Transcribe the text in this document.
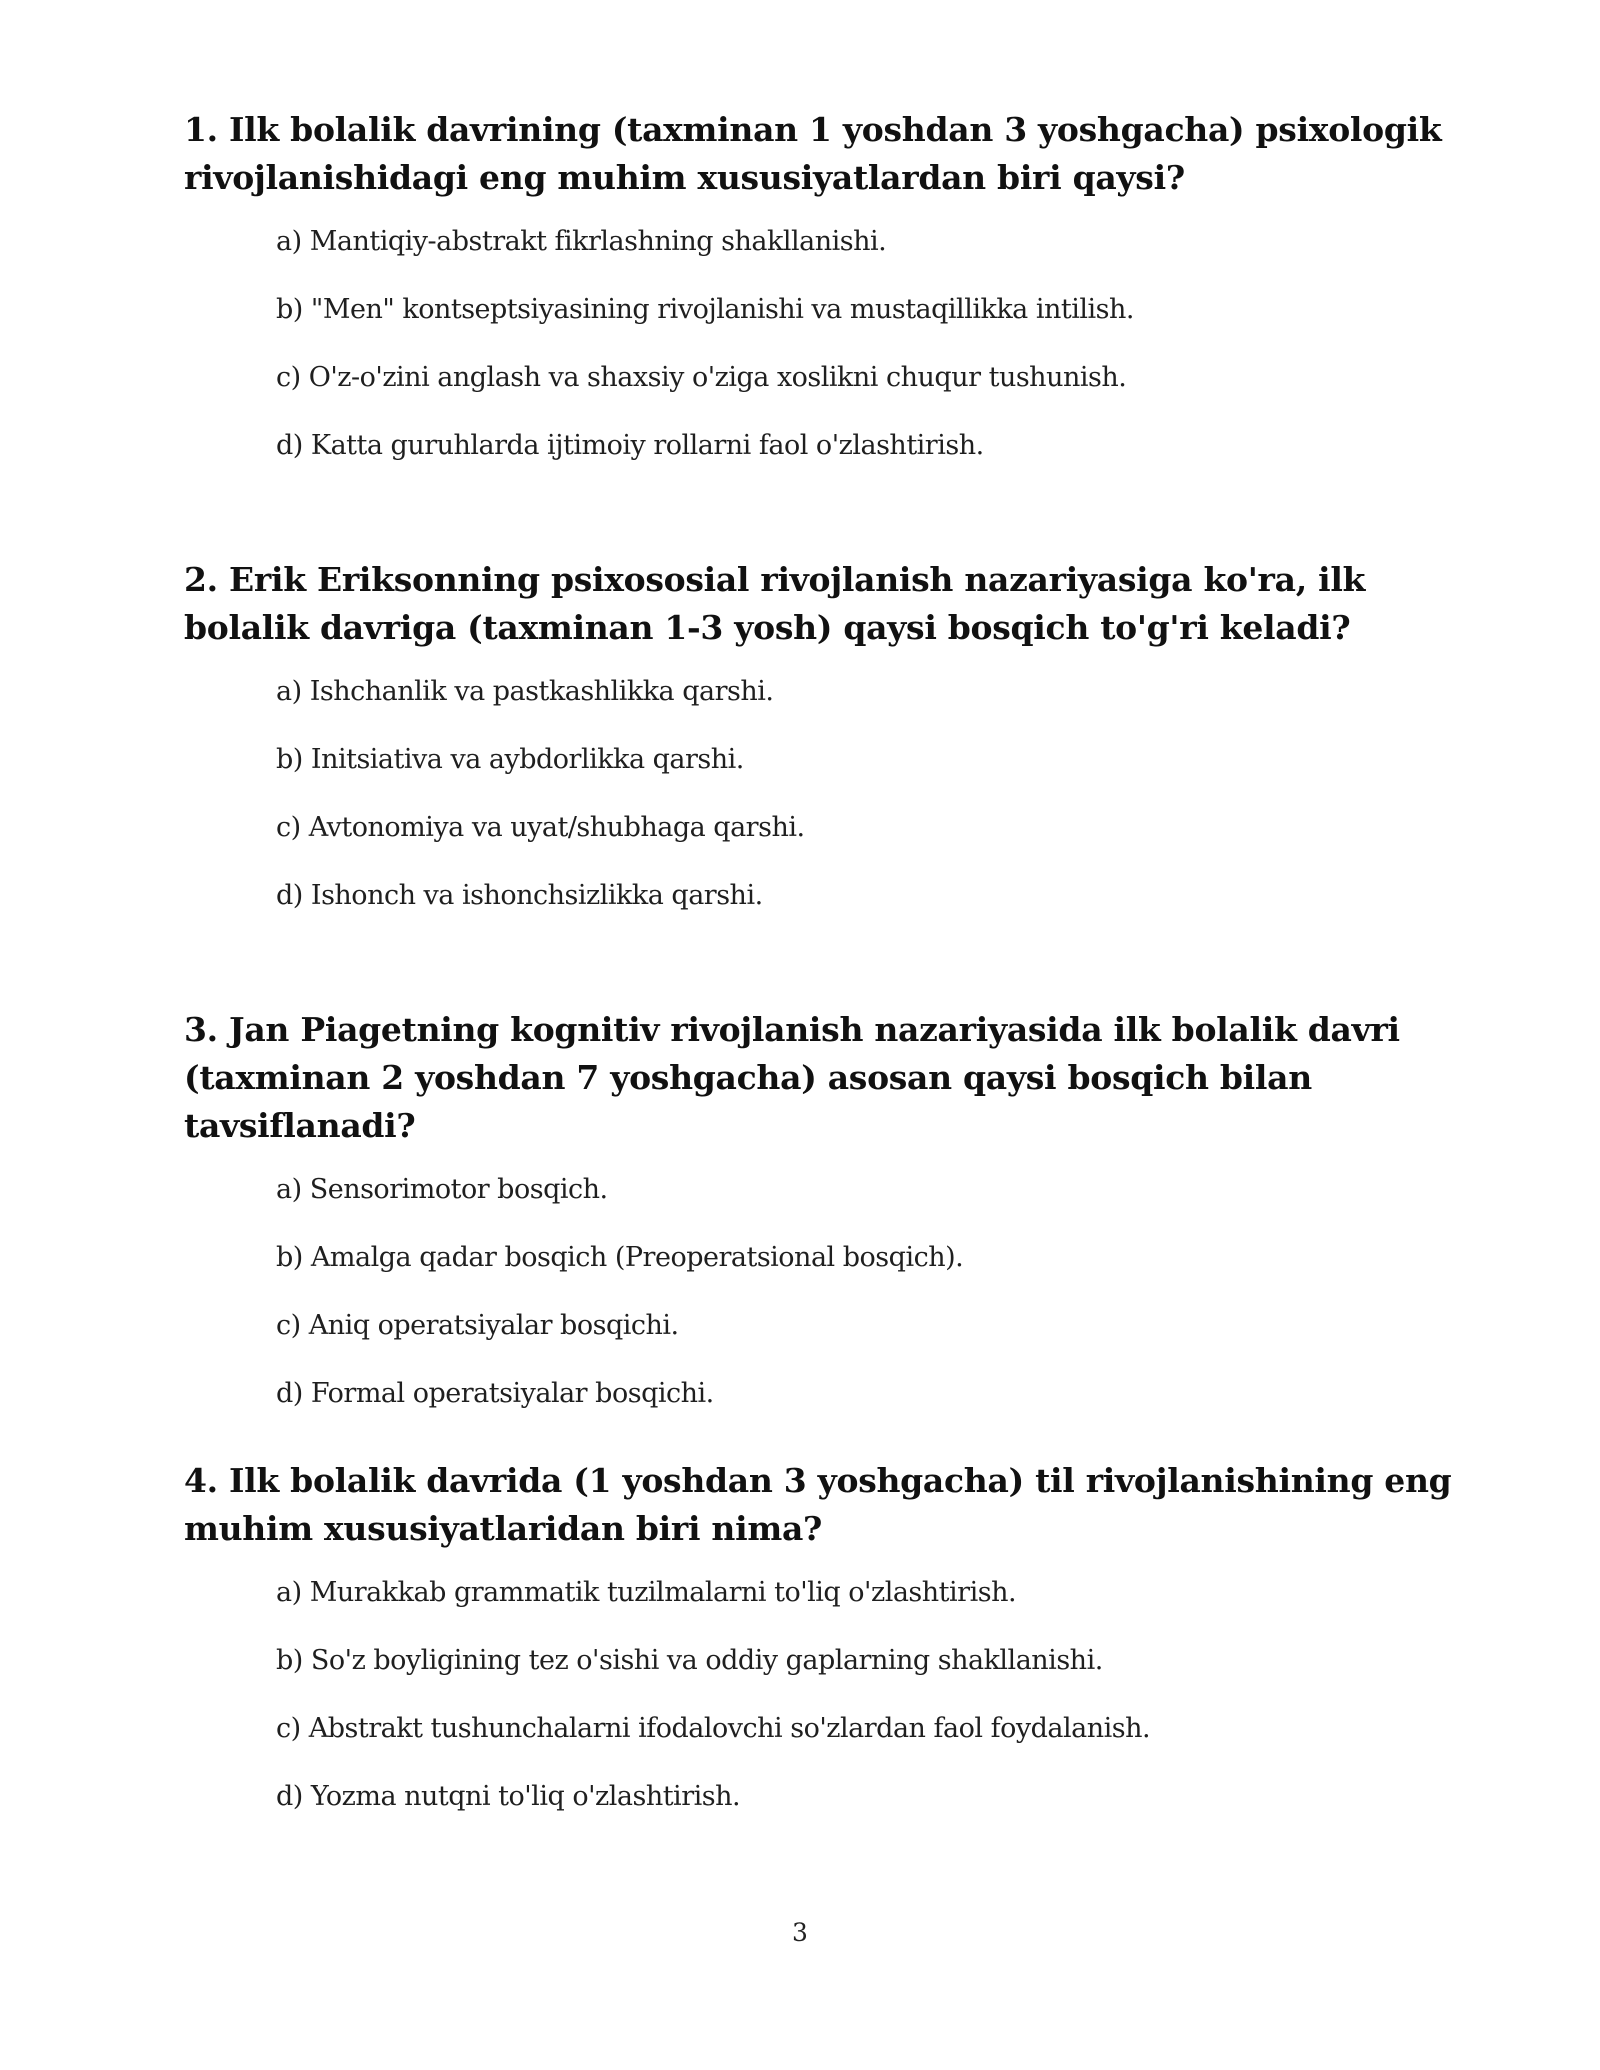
1. Ilk bolalik davrining (taxminan 1 yoshdan 3 yoshgacha) psixologik rivojlanishidagi eng muhim xususiyatlardan biri qaysi?
a) Mantiqiy-abstrakt fikrlashning shakllanishi.
b) "Men" kontseptsiyasining rivojlanishi va mustaqillikka intilish.
c) O'z-o'zini anglash va shaxsiy o'ziga xoslikni chuqur tushunish.
d) Katta guruhlarda ijtimoiy rollarni faol o'zlashtirish.
2. Erik Eriksonning psixososial rivojlanish nazariyasiga ko'ra, ilk bolalik davriga (taxminan 1-3 yosh) qaysi bosqich to'g'ri keladi?
a) Ishchanlik va pastkashlikka qarshi.
b) Initsiativa va aybdorlikka qarshi.
c) Avtonomiya va uyat/shubhaga qarshi.
d) Ishonch va ishonchsizlikka qarshi.
3. Jan Piagetning kognitiv rivojlanish nazariyasida ilk bolalik davri (taxminan 2 yoshdan 7 yoshgacha) asosan qaysi bosqich bilan tavsiflanadi?
a) Sensorimotor bosqich.
b) Amalga qadar bosqich (Preoperatsional bosqich).
c) Aniq operatsiyalar bosqichi.
d) Formal operatsiyalar bosqichi.
4. Ilk bolalik davrida (1 yoshdan 3 yoshgacha) til rivojlanishining eng muhim xususiyatlaridan biri nima?
a) Murakkab grammatik tuzilmalarni to'liq o'zlashtirish.
b) So'z boyligining tez o'sishi va oddiy gaplarning shakllanishi.
c) Abstrakt tushunchalarni ifodalovchi so'zlardan faol foydalanish.
d) Yozma nutqni to'liq o'zlashtirish.
3
